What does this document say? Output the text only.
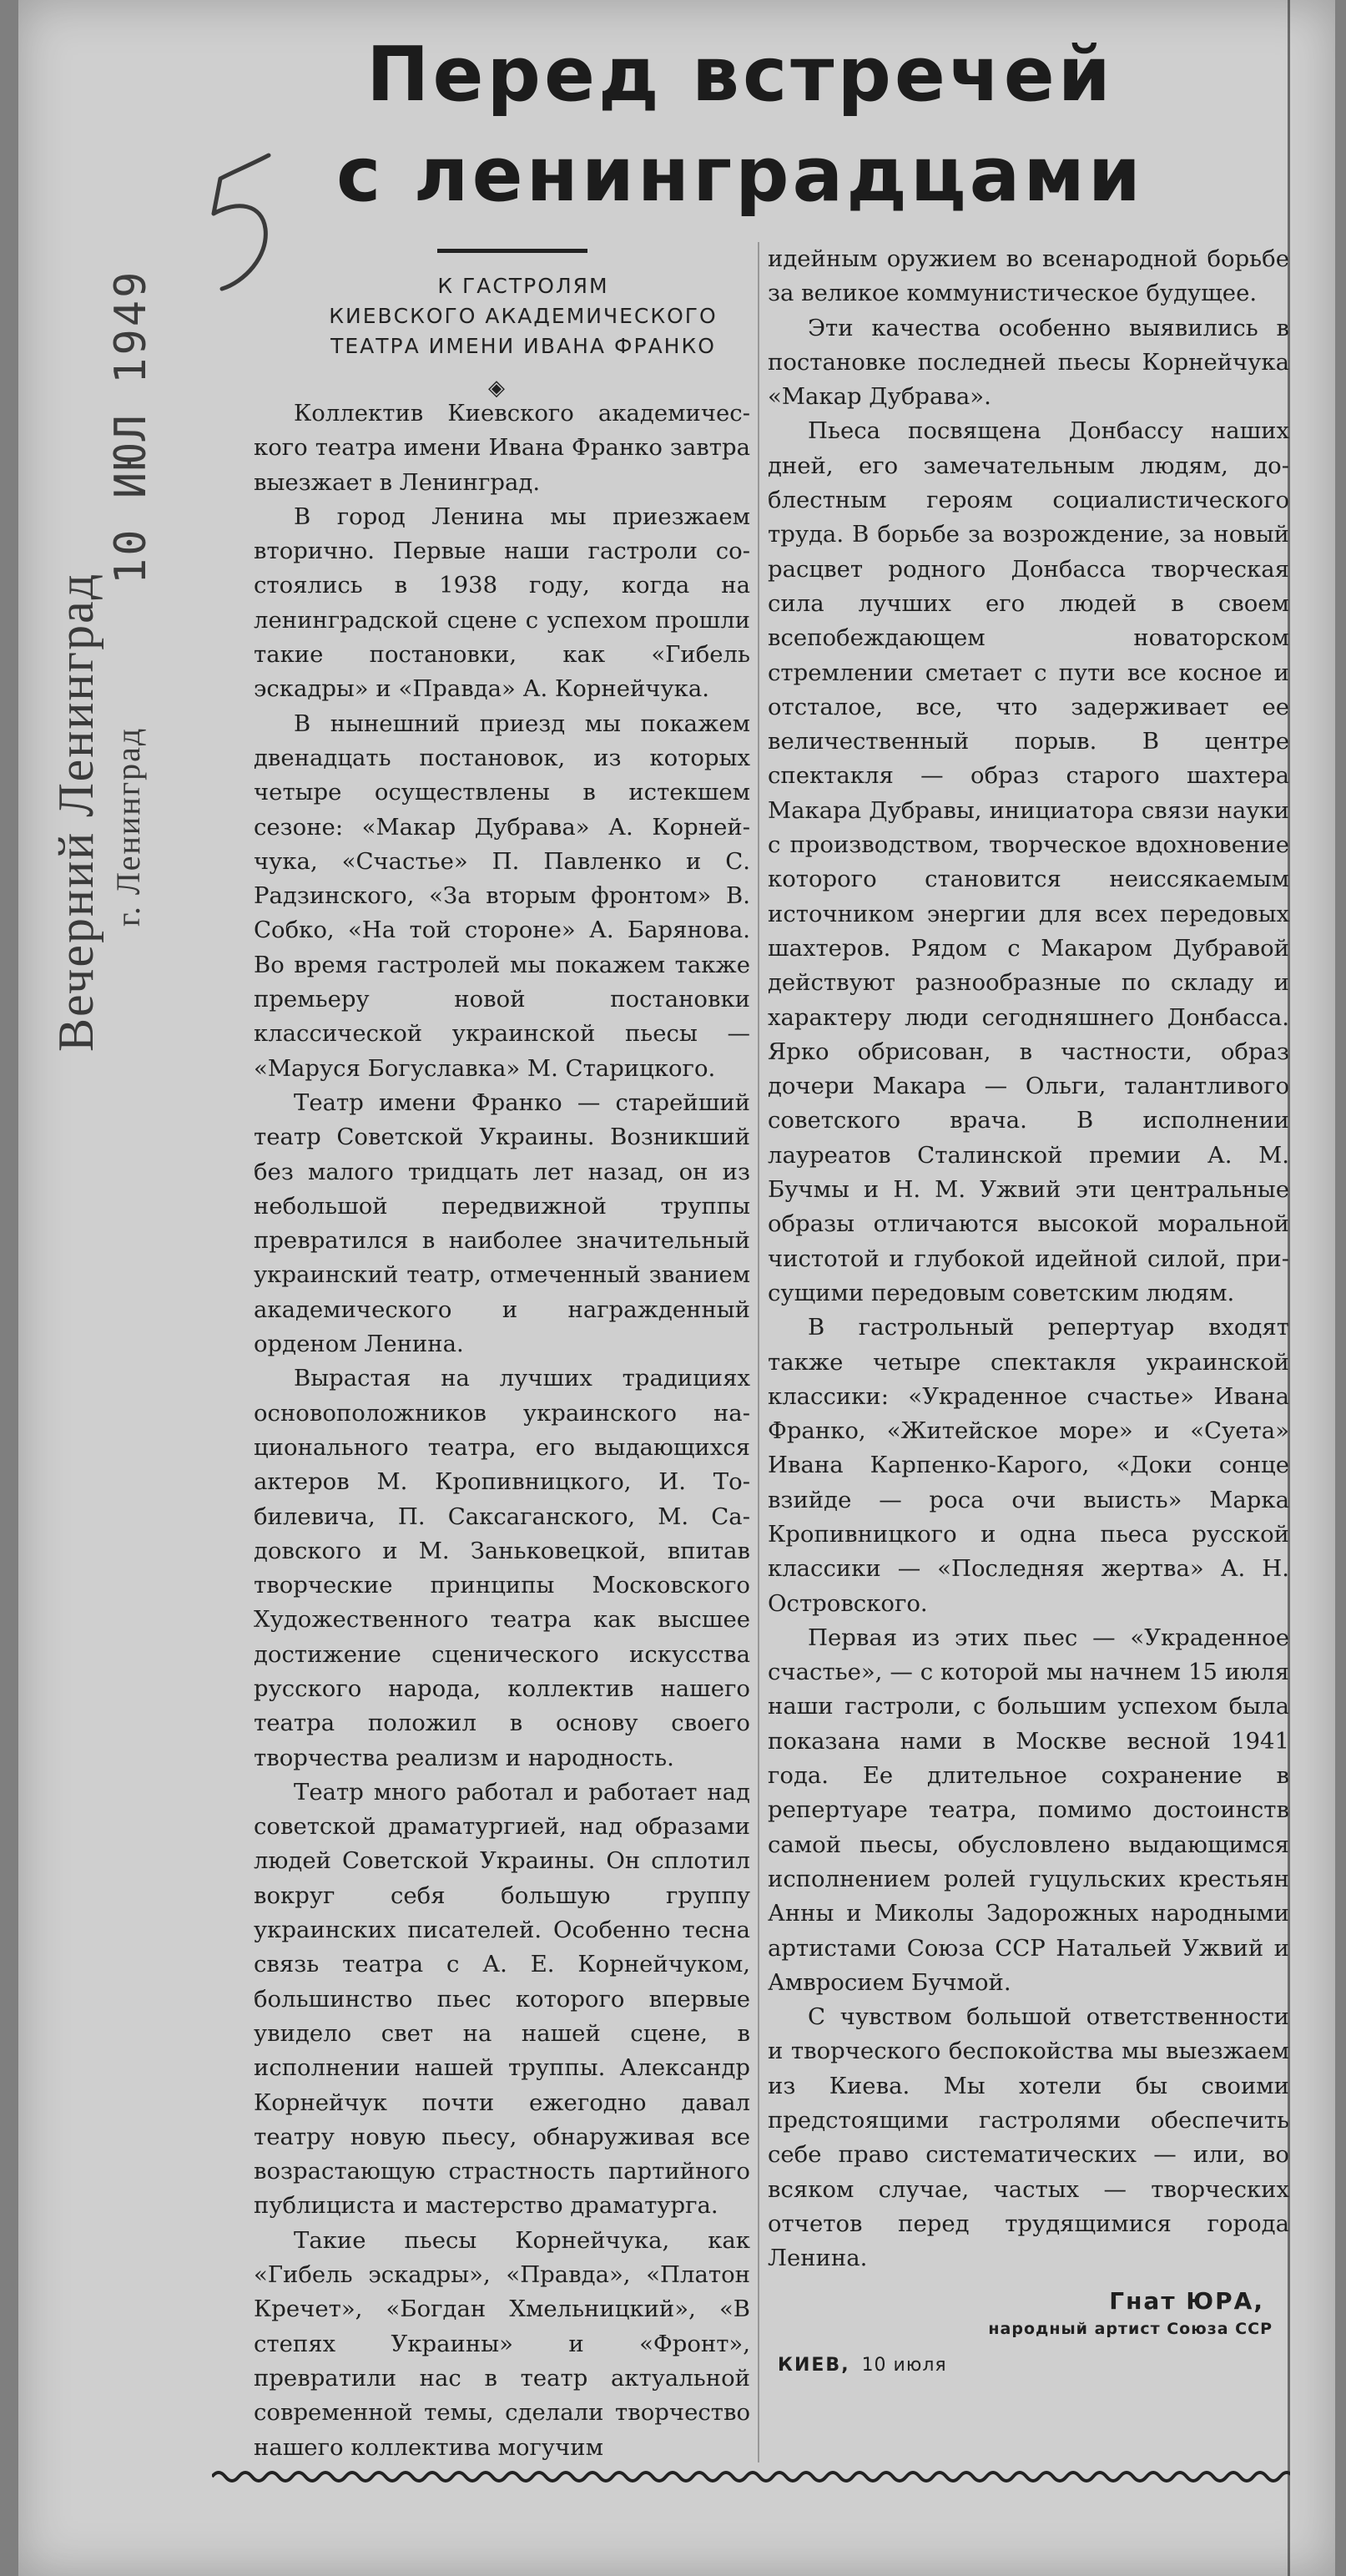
Вечерний Ленинград г. Ленинград
10 ИЮЛ 1949
Перед встречей
с ленинградцами
К ГАСТРОЛЯМ
КИЕВСКОГО АКАДЕМИЧЕСКОГО
ТЕАТРА ИМЕНИ ИВАНА ФРАНКО
◈

Коллектив Киевского академического театра имени Ивана Франко завтра выезжает в Ленинград.

В город Ленина мы приезжаем вторично. Первые наши гастроли состоялись в 1938 году, когда на ленинградской сцене с успехом прошли такие постановки, как «Гибель эскадры» и «Правда» А. Корнейчука.

В нынешний приезд мы покажем двенадцать постановок, из которых четыре осуществлены в истекшем сезоне: «Макар Дубрава» А. Корнейчука, «Счастье» П. Павленко и С. Радзинского, «За вторым фронтом» В. Собко, «На той стороне» А. Барянова. Во время гастролей мы покажем также премьеру новой постановки классической украинской пьесы — «Маруся Богуславка» М. Старицкого.

Театр имени Франко — старейший театр Советской Украины. Возникший без малого тридцать лет назад, он из небольшой передвижной труппы превратился в наиболее значительный украинский театр, отмеченный званием академического и награжденный орденом Ленина.

Вырастая на лучших традициях основоположников украинского национального театра, его выдающихся актеров М. Кропивницкого, И. Тобилевича, П. Саксаганского, М. Садовского и М. Заньковецкой, впитав творческие принципы Московского Художественного театра как высшее достижение сценического искусства русского народа, коллектив нашего театра положил в основу своего творчества реализм и народность.

Театр много работал и работает над советской драматургией, над образами людей Советской Украины. Он сплотил вокруг себя большую группу украинских писателей. Особенно тесна связь театра с А. Е. Корнейчуком, большинство пьес которого впервые увидело свет на нашей сцене, в исполнении нашей труппы. Александр Корнейчук почти ежегодно давал театру новую пьесу, обнаруживая все возрастающую страстность партийного публициста и мастерство драматурга.

Такие пьесы Корнейчука, как «Гибель эскадры», «Правда», «Платон Кречет», «Богдан Хмельницкий», «В степях Украины» и «Фронт», превратили нас в театр актуальной современной темы, сделали творчество нашего коллектива могучим

идейным оружием во всенародной борьбе за великое коммунистическое будущее.

Эти качества особенно выявились в постановке последней пьесы Корнейчука «Макар Дубрава».

Пьеса посвящена Донбассу наших дней, его замечательным людям, доблестным героям социалистического труда. В борьбе за возрождение, за новый расцвет родного Донбасса творческая сила лучших его людей в своем всепобеждающем новаторском стремлении сметает с пути все косное и отсталое, все, что задерживает ее величественный порыв. В центре спектакля — образ старого шахтера Макара Дубравы, инициатора связи науки с производством, творческое вдохновение которого становится неиссякаемым источником энергии для всех передовых шахтеров. Рядом с Макаром Дубравой действуют разнообразные по складу и характеру люди сегодняшнего Донбасса. Ярко обрисован, в частности, образ дочери Макара — Ольги, талантливого советского врача. В исполнении лауреатов Сталинской премии А. М. Бучмы и Н. М. Ужвий эти центральные образы отличаются высокой моральной чистотой и глубокой идейной силой, присущими передовым советским людям.

В гастрольный репертуар входят также четыре спектакля украинской классики: «Украденное счастье» Ивана Франко, «Житейское море» и «Суета» Ивана Карпенко-Карого, «Доки сонце взийде — роса очи выисть» Марка Кропивницкого и одна пьеса русской классики — «Последняя жертва» А. Н. Островского.

Первая из этих пьес — «Украденное счастье», — с которой мы начнем 15 июля наши гастроли, с большим успехом была показана нами в Москве весной 1941 года. Ее длительное сохранение в репертуаре театра, помимо достоинств самой пьесы, обусловлено выдающимся исполнением ролей гуцульских крестьян Анны и Миколы Задорожных народными артистами Союза ССР Натальей Ужвий и Амвросием Бучмой.

С чувством большой ответственности и творческого беспокойства мы выезжаем из Киева. Мы хотели бы своими предстоящими гастролями обеспечить себе право систематических — или, во всяком случае, частых — творческих отчетов перед трудящимися города Ленина.

Гнат ЮРА,
народный артист Союза ССР
КИЕВ, 10 июля
